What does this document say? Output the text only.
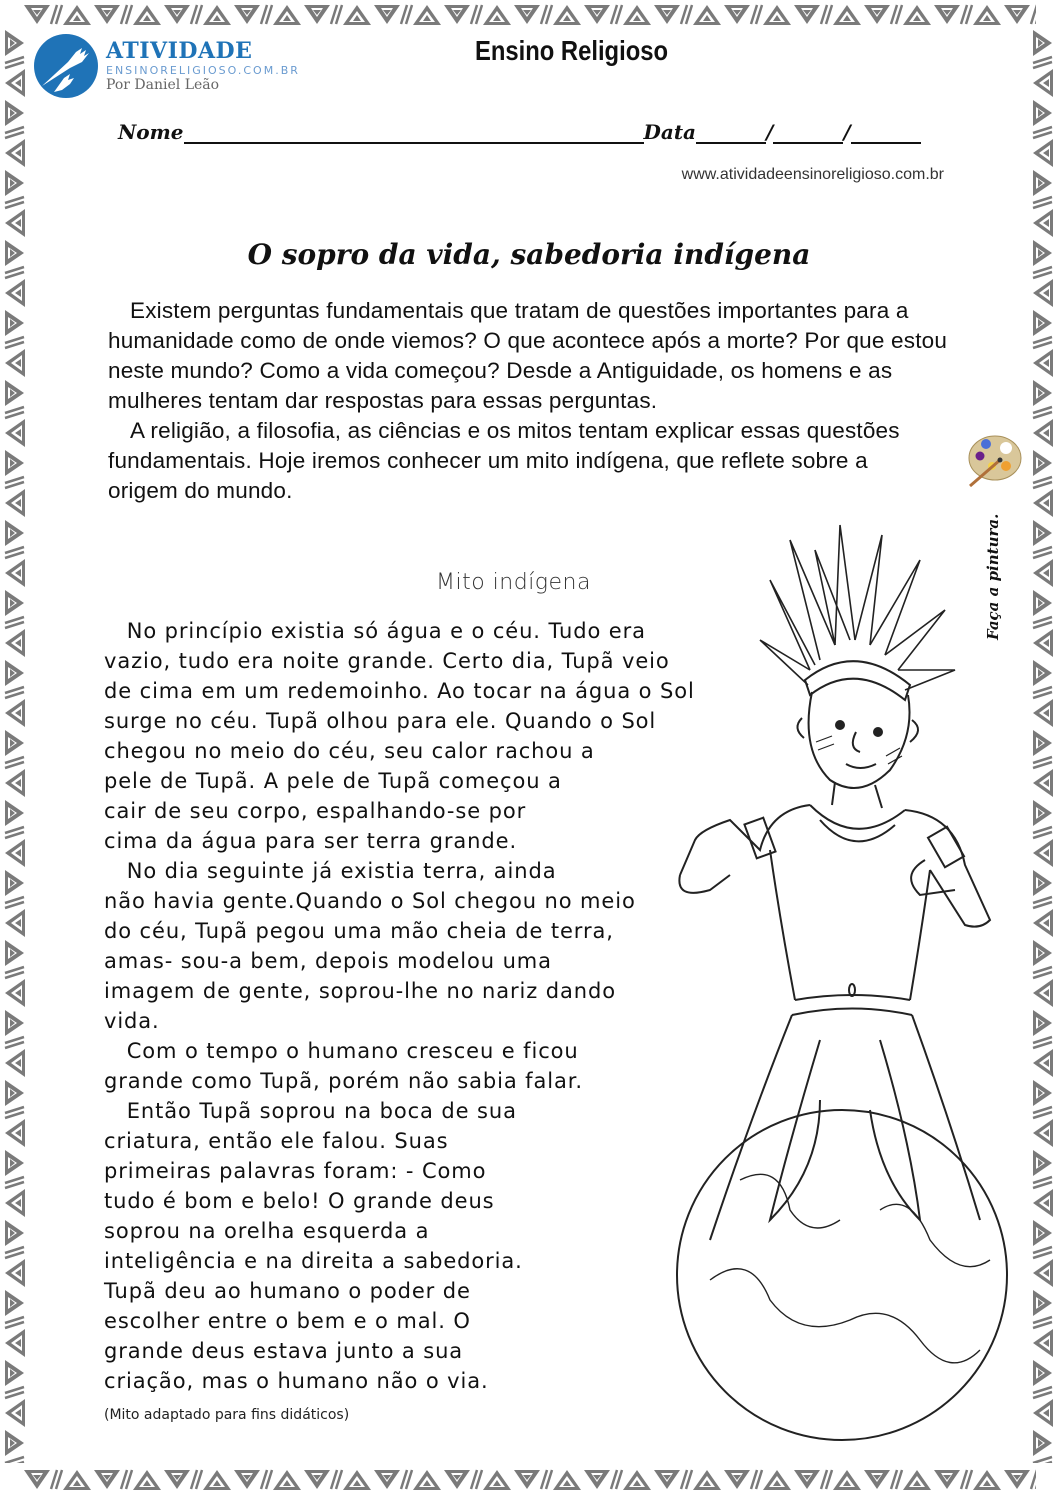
ATIVIDADE
ENSINORELIGIOSO.COM.BR
Por Daniel Leão
Ensino Religioso
Nome	Data	/	/
www.atividadeensinoreligioso.com.br
O sopro da vida, sabedoria indígena

Existem perguntas fundamentais que tratam de questões importantes para a humanidade como de onde viemos? O que acontece após a morte? Por que estou neste mundo? Como a vida começou? Desde a Antiguidade, os homens e as mulheres tentam dar respostas para essas perguntas.

A religião, a filosofia, as ciências e os mitos tentam explicar essas questões fundamentais. Hoje iremos conhecer um mito indígena, que reflete sobre a origem do mundo.

Mito indígena
No princípio existia só água e o céu. Tudo era
vazio, tudo era noite grande. Certo dia, Tupã veio
de cima em um redemoinho. Ao tocar na água o Sol
surge no céu. Tupã olhou para ele. Quando o Sol
chegou no meio do céu, seu calor rachou a
pele de Tupã. A pele de Tupã começou a
cair de seu corpo, espalhando-se por
cima da água para ser terra grande.
No dia seguinte já existia terra, ainda
não havia gente.Quando o Sol chegou no meio
do céu, Tupã pegou uma mão cheia de terra,
amas- sou-a bem, depois modelou uma
imagem de gente, soprou-lhe no nariz dando
vida.
Com o tempo o humano cresceu e ficou
grande como Tupã, porém não sabia falar.
Então Tupã soprou na boca de sua
criatura, então ele falou. Suas
primeiras palavras foram: - Como
tudo é bom e belo! O grande deus
soprou na orelha esquerda a
inteligência e na direita a sabedoria.
Tupã deu ao humano o poder de
escolher entre o bem e o mal. O
grande deus estava junto a sua
criação, mas o humano não o via.
(Mito adaptado para fins didáticos)
Faça a pintura.
